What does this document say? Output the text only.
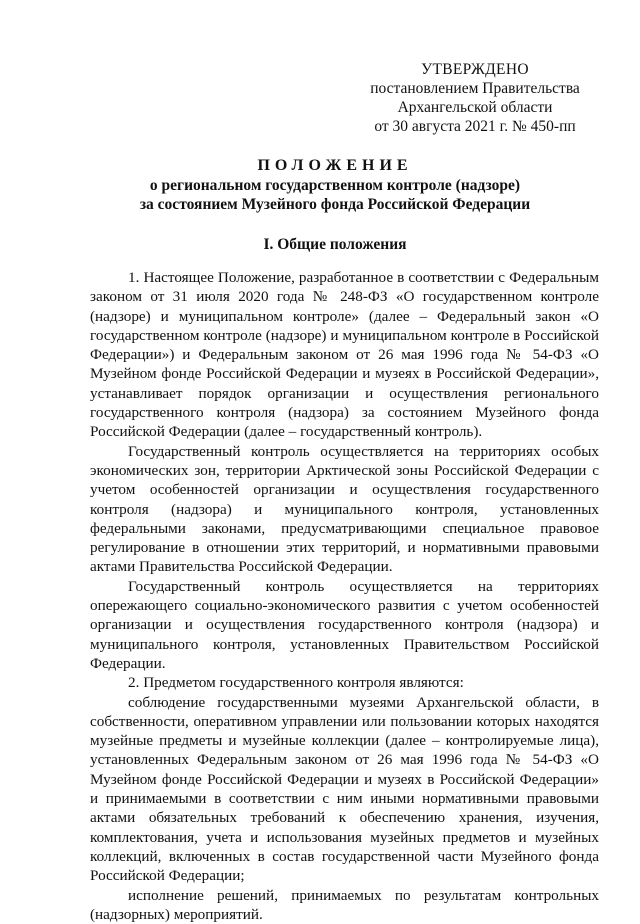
УТВЕРЖДЕНО
постановлением Правительства
Архангельской области
от 30 августа 2021 г. № 450-пп
ПОЛОЖЕНИЕ
о региональном государственном контроле (надзоре)
за состоянием Музейного фонда Российской Федерации
I. Общие положения

1. Настоящее Положение, разработанное в соответствии с Федеральным законом от 31 июля 2020 года № 248-ФЗ «О государственном контроле (надзоре) и муниципальном контроле» (далее – Федеральный закон «О государственном контроле (надзоре) и муниципальном контроле в Российской Федерации») и Федеральным законом от 26 мая 1996 года № 54-ФЗ «О Музейном фонде Российской Федерации и музеях в Российской Федерации», устанавливает порядок организации и осуществления регионального государственного контроля (надзора) за состоянием Музейного фонда Российской Федерации (далее – государственный контроль).

Государственный контроль осуществляется на территориях особых экономических зон, территории Арктической зоны Российской Федерации с учетом особенностей организации и осуществления государственного контроля (надзора) и муниципального контроля, установленных федеральными законами, предусматривающими специальное правовое регулирование в отношении этих территорий, и нормативными правовыми актами Правительства Российской Федерации.

Государственный контроль осуществляется на территориях опережающего социально-экономического развития с учетом особенностей организации и осуществления государственного контроля (надзора) и муниципального контроля, установленных Правительством Российской Федерации.

2. Предметом государственного контроля являются:

соблюдение государственными музеями Архангельской области, в собственности, оперативном управлении или пользовании которых находятся музейные предметы и музейные коллекции (далее – контролируемые лица), установленных Федеральным законом от 26 мая 1996 года № 54-ФЗ «О Музейном фонде Российской Федерации и музеях в Российской Федерации» и принимаемыми в соответствии с ним иными нормативными правовыми актами обязательных требований к обеспечению хранения, изучения, комплектования, учета и использования музейных предметов и музейных коллекций, включенных в состав государственной части Музейного фонда Российской Федерации;

исполнение решений, принимаемых по результатам контрольных (надзорных) мероприятий.
